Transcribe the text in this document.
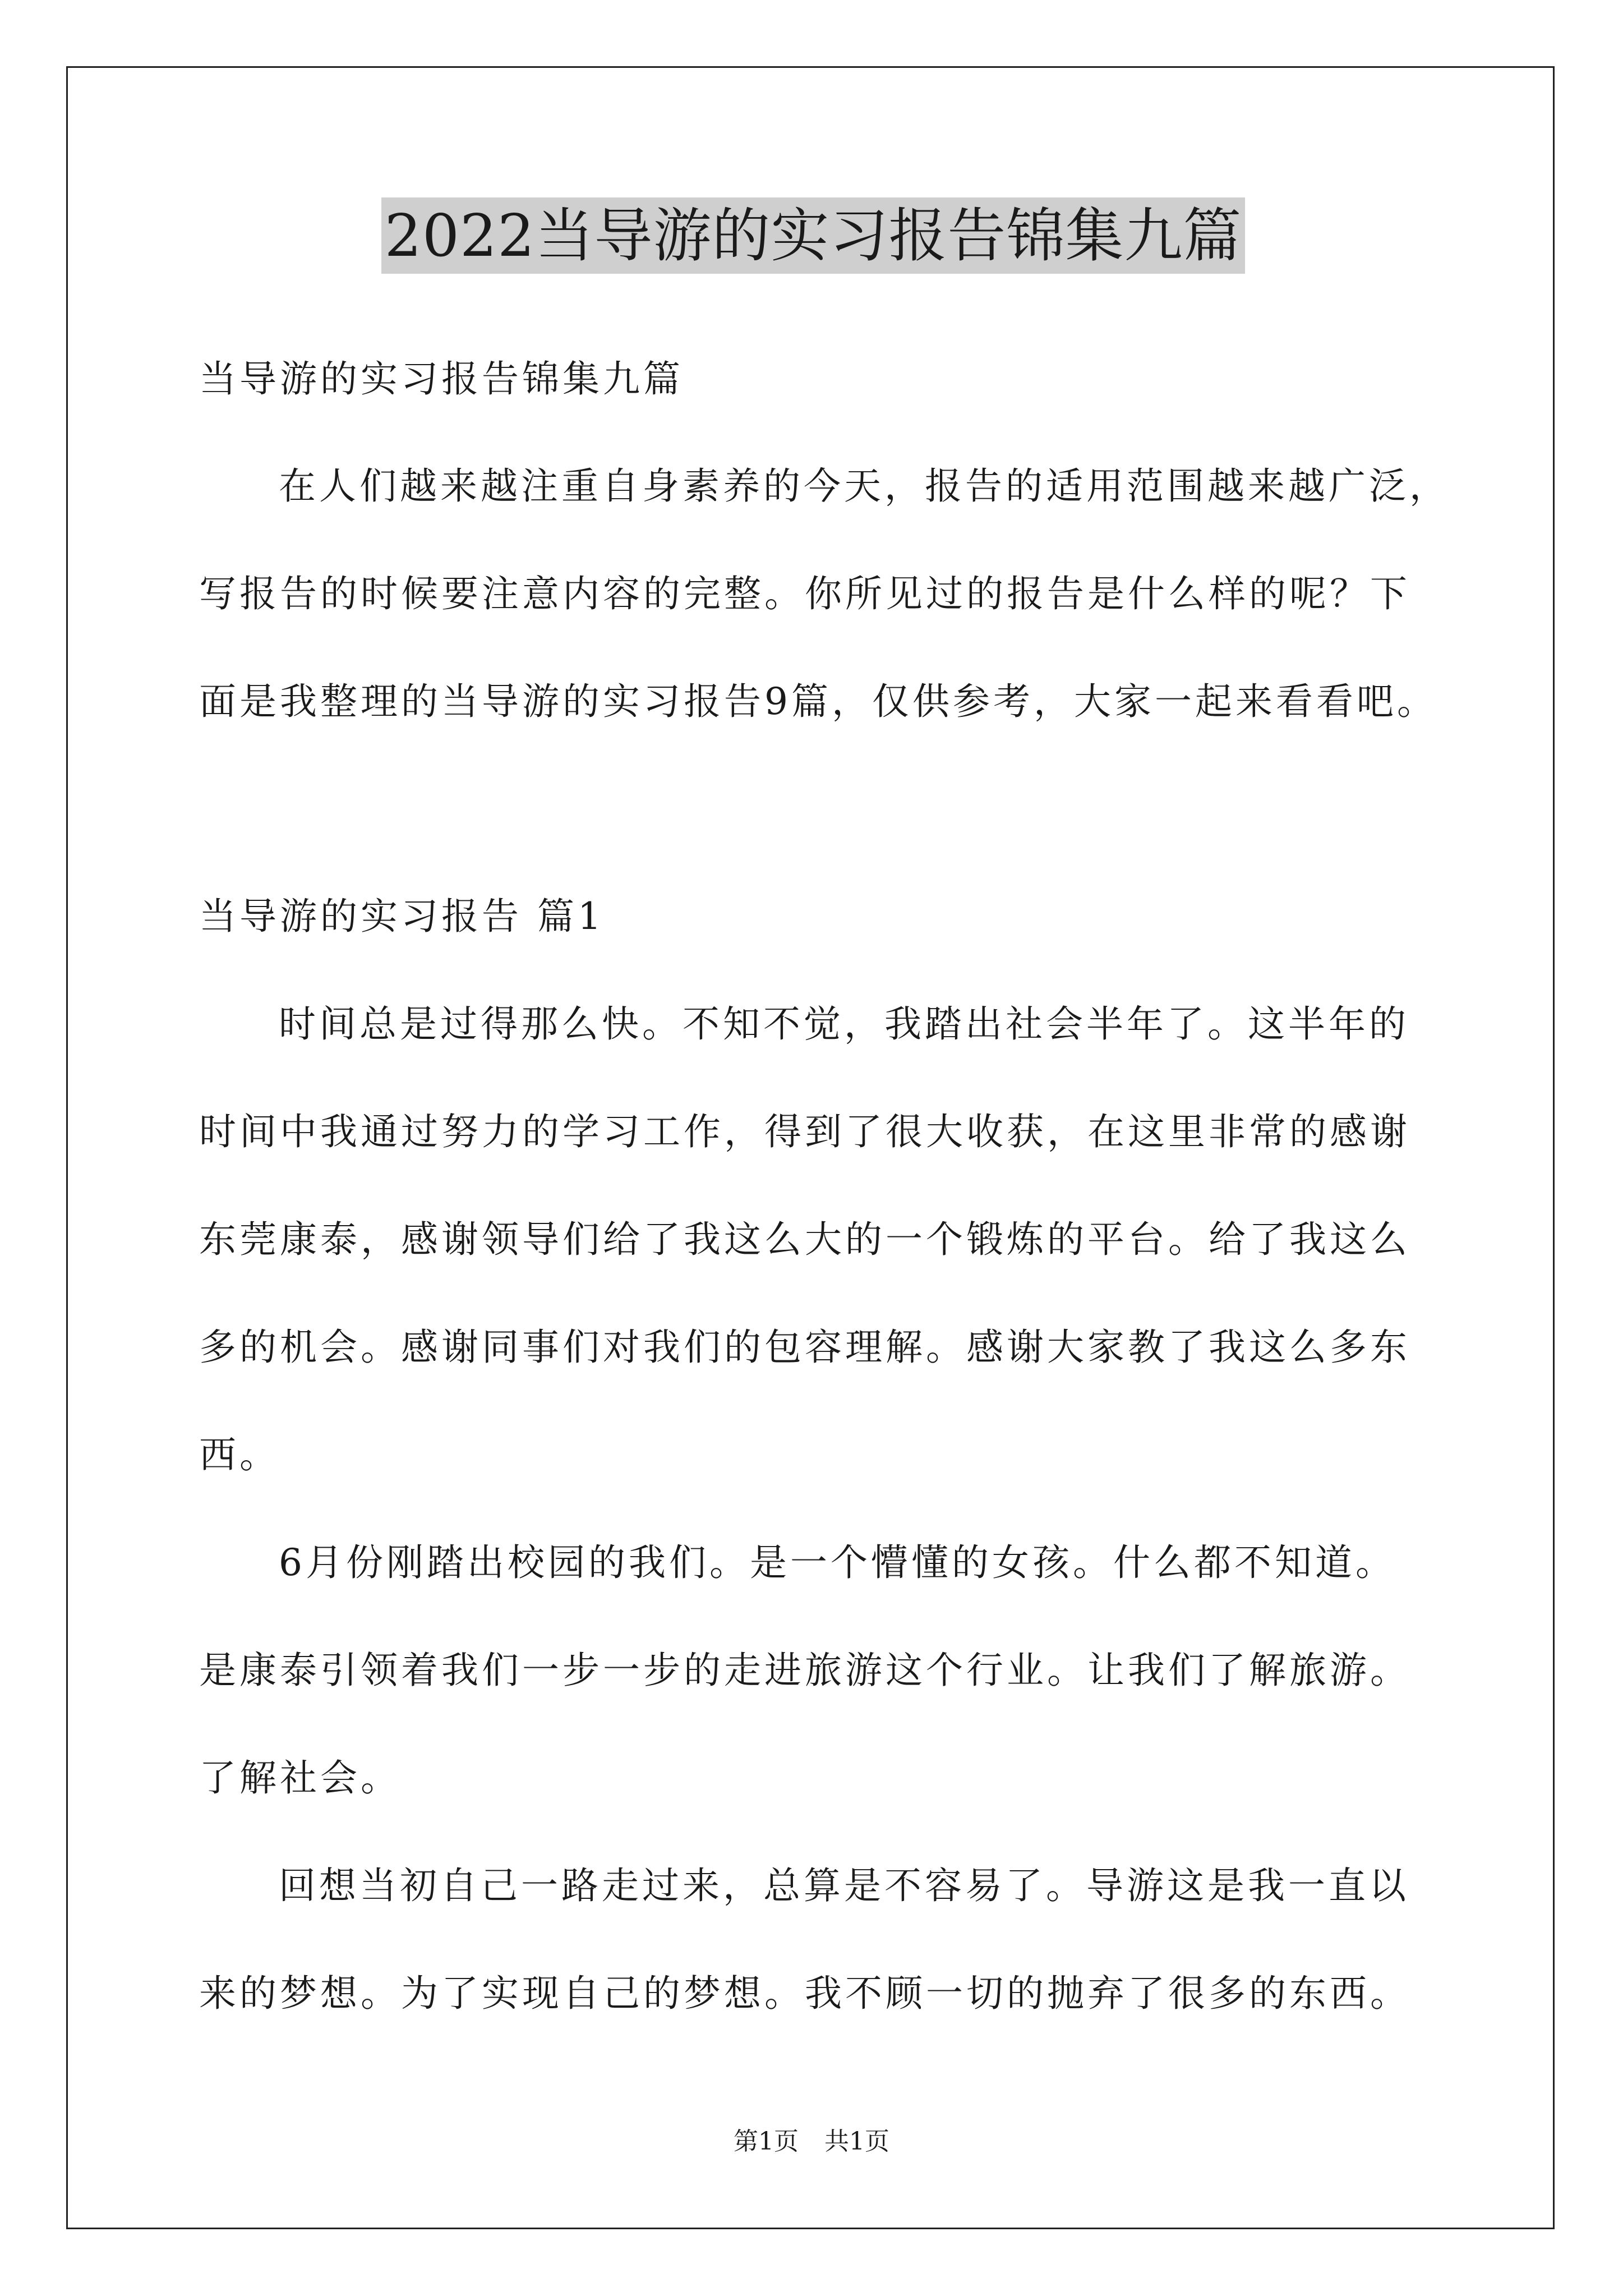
2022当导游的实习报告锦集九篇
当导游的实习报告锦集九篇
在人们越来越注重自身素养的今天，报告的适用范围越来越广泛，
写报告的时候要注意内容的完整。你所见过的报告是什么样的呢？下
面是我整理的当导游的实习报告9篇，仅供参考，大家一起来看看吧。
当导游的实习报告 篇1
时间总是过得那么快。不知不觉，我踏出社会半年了。这半年的
时间中我通过努力的学习工作，得到了很大收获，在这里非常的感谢
东莞康泰，感谢领导们给了我这么大的一个锻炼的平台。给了我这么
多的机会。感谢同事们对我们的包容理解。感谢大家教了我这么多东
西。
6月份刚踏出校园的我们。是一个懵懂的女孩。什么都不知道。
是康泰引领着我们一步一步的走进旅游这个行业。让我们了解旅游。
了解社会。
回想当初自己一路走过来，总算是不容易了。导游这是我一直以
来的梦想。为了实现自己的梦想。我不顾一切的抛弃了很多的东西。
第1页 共1页
